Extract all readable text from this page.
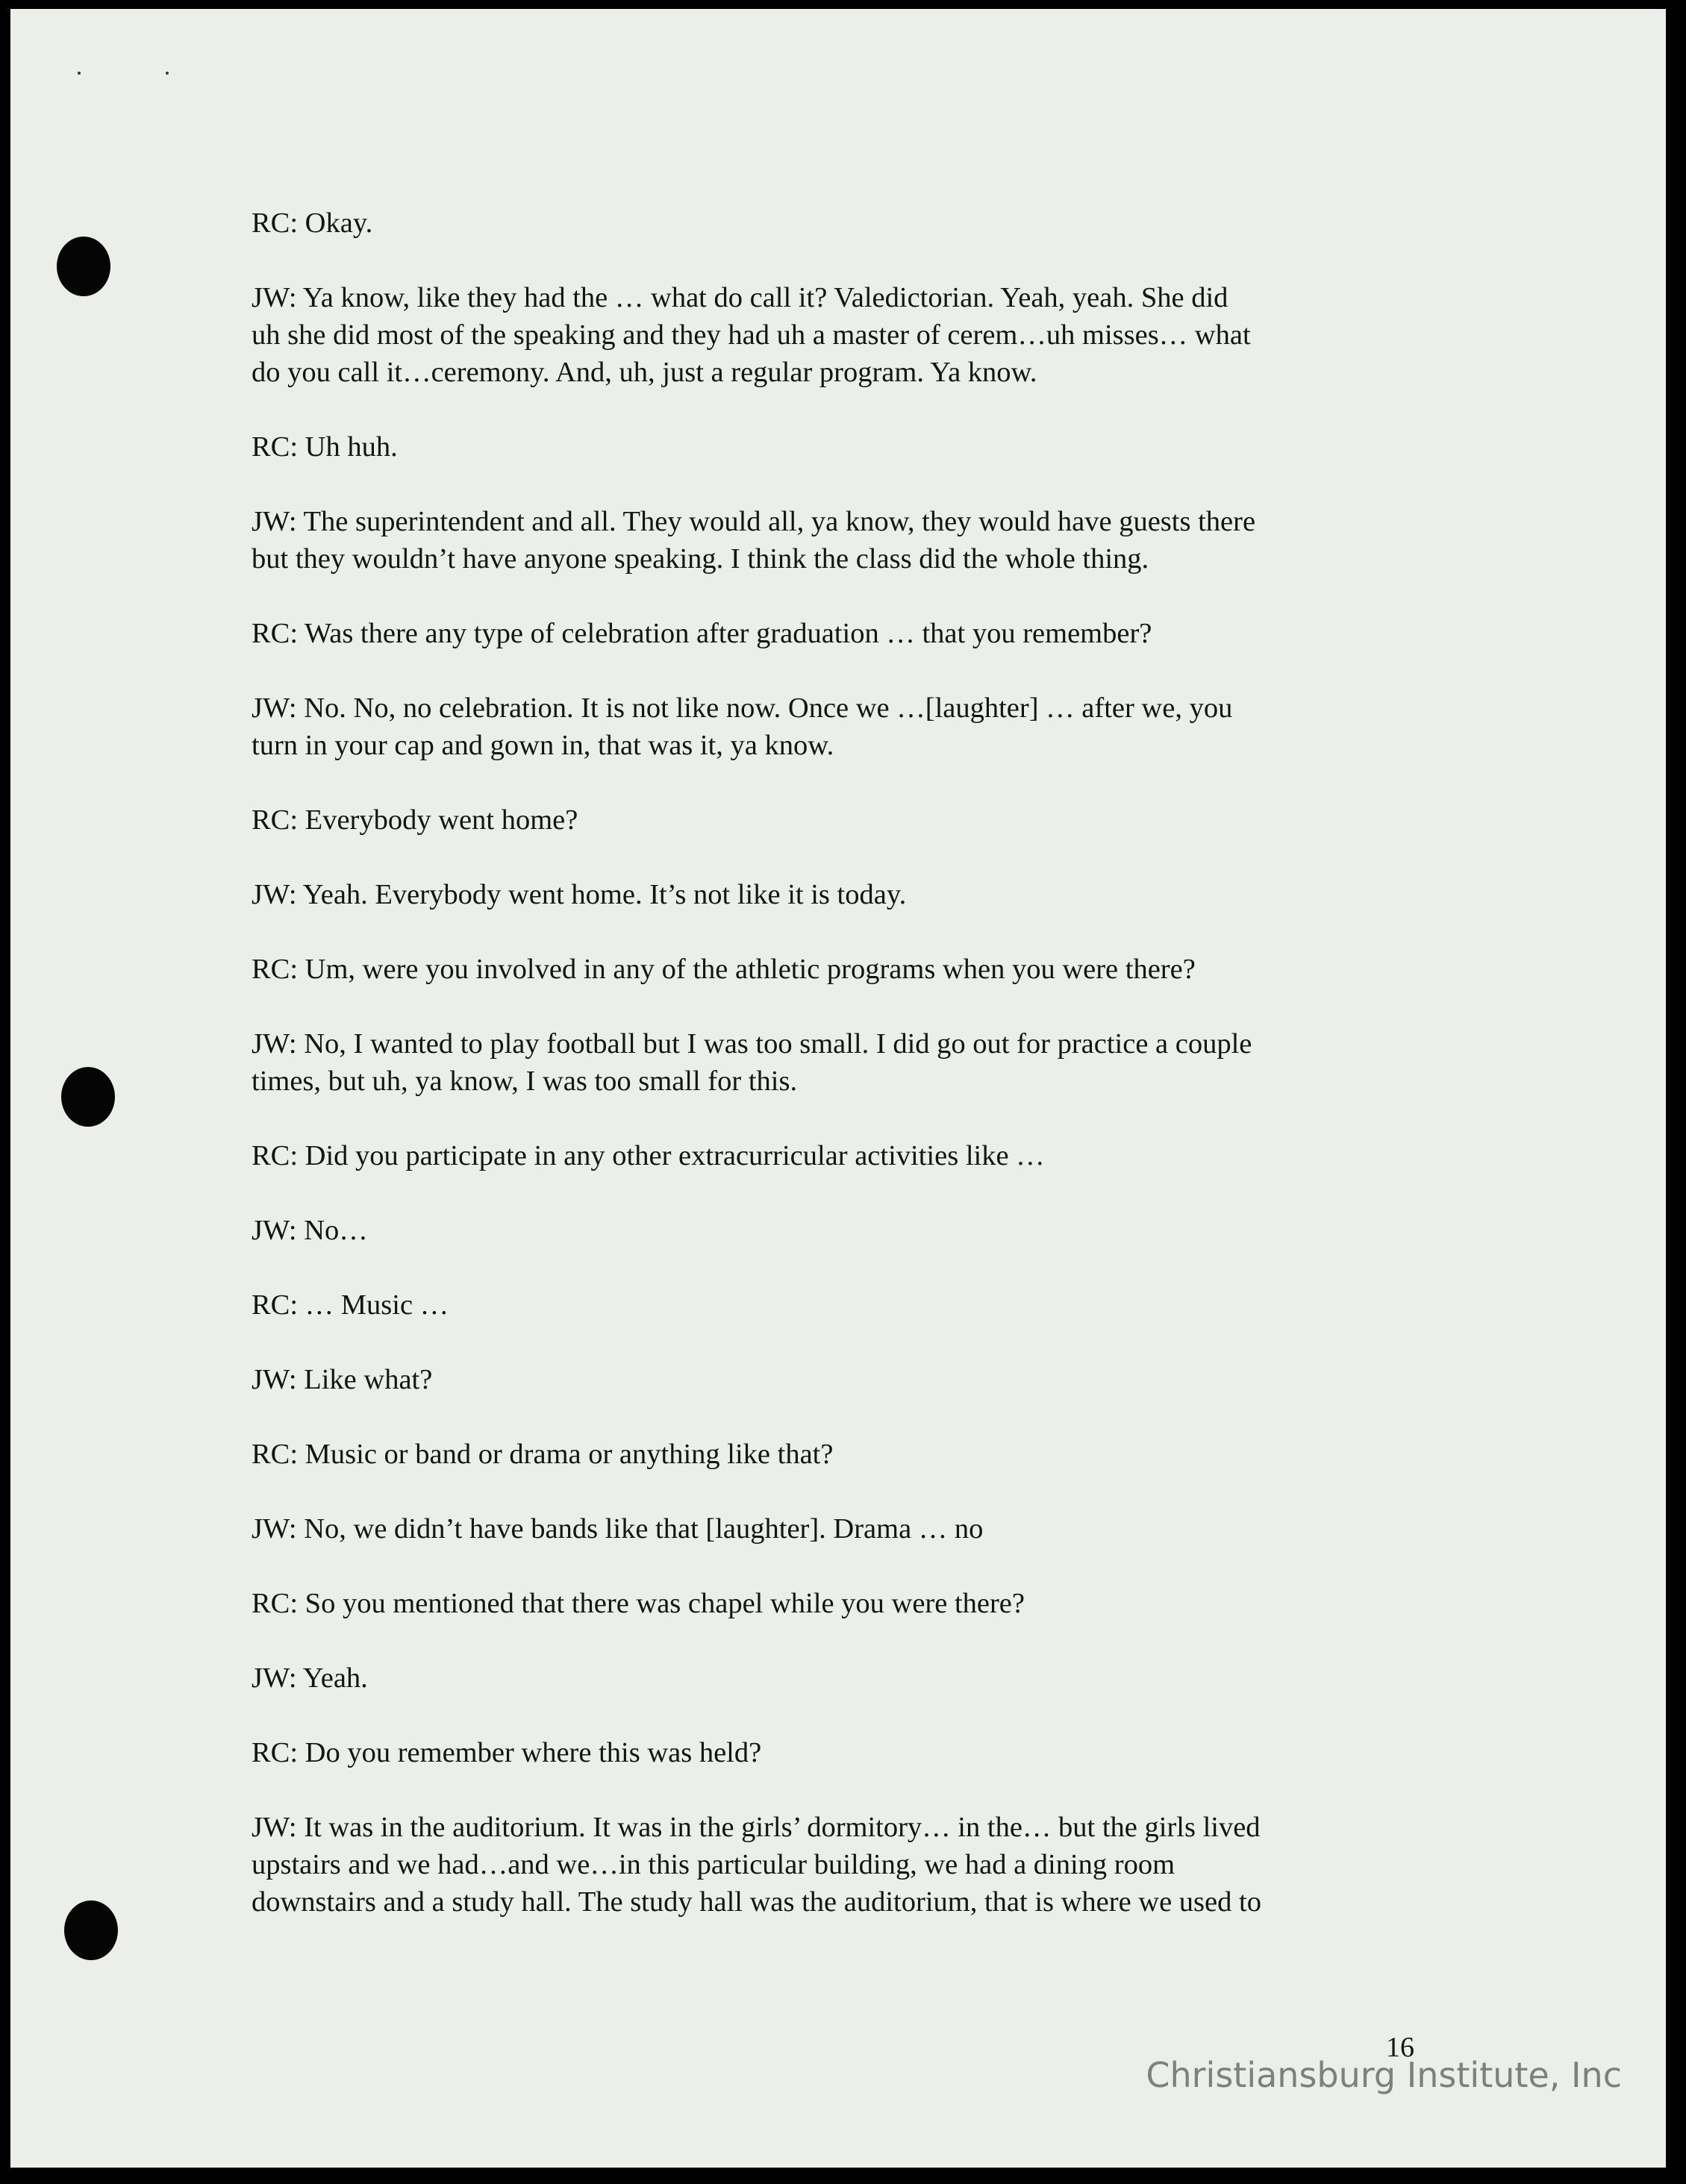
RC: Okay.

JW: Ya know, like they had the … what do call it? Valedictorian. Yeah, yeah. She did
uh she did most of the speaking and they had uh a master of cerem…uh misses… what
do you call it…ceremony. And, uh, just a regular program. Ya know.

RC: Uh huh.

JW: The superintendent and all. They would all, ya know, they would have guests there
but they wouldn’t have anyone speaking. I think the class did the whole thing.

RC: Was there any type of celebration after graduation … that you remember?

JW: No. No, no celebration. It is not like now. Once we …[laughter] … after we, you
turn in your cap and gown in, that was it, ya know.

RC: Everybody went home?

JW: Yeah. Everybody went home. It’s not like it is today.

RC: Um, were you involved in any of the athletic programs when you were there?

JW: No, I wanted to play football but I was too small. I did go out for practice a couple
times, but uh, ya know, I was too small for this.

RC: Did you participate in any other extracurricular activities like …

JW: No…

RC: … Music …

JW: Like what?

RC: Music or band or drama or anything like that?

JW: No, we didn’t have bands like that [laughter]. Drama … no

RC: So you mentioned that there was chapel while you were there?

JW: Yeah.

RC: Do you remember where this was held?

JW: It was in the auditorium. It was in the girls’ dormitory… in the… but the girls lived
upstairs and we had…and we…in this particular building, we had a dining room
downstairs and a study hall. The study hall was the auditorium, that is where we used to

16
Christiansburg Institute, Inc
